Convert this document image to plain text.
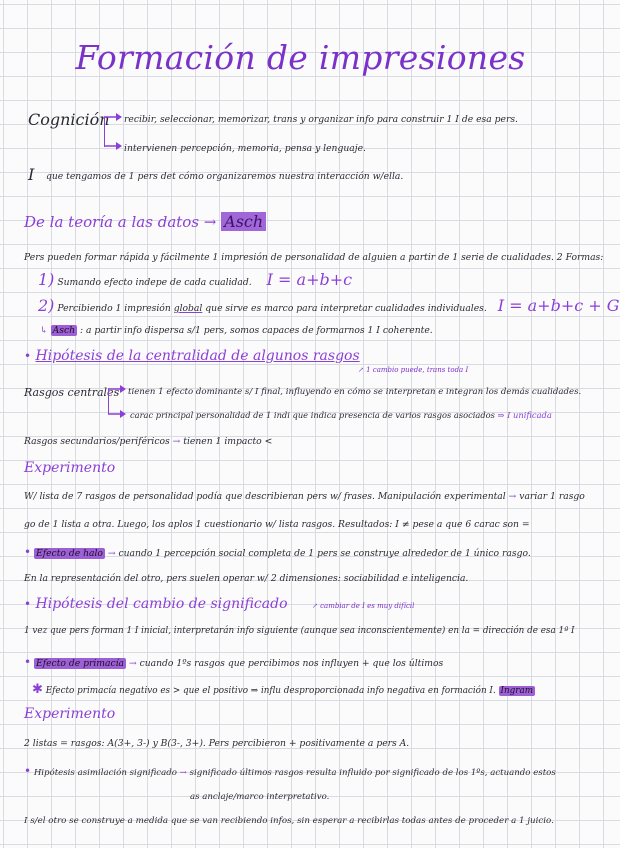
Formación de impresiones
Cognición recibir, seleccionar, memorizar, trans y organizar info para construir 1 I de esa pers.
intervienen percepción, memoria, pensa y lenguaje.
I que tengamos de 1 pers det cómo organizaremos nuestra interacción w/ella.
De la teoría a las datos → Asch
Pers pueden formar rápida y fácilmente 1 impresión de personalidad de alguien a partir de 1 serie de cualidades. 2 Formas:
1) Sumando efecto indepe de cada cualidad. I = a+b+c
2) Percibiendo 1 impresión global que sirve es marco para interpretar cualidades individuales. I = a+b+c + G
↳ Asch : a partir info dispersa s/1 pers, somos capaces de formarnos 1 I coherente.
• Hipótesis de la centralidad de algunos rasgos
↗ 1 cambio puede, trans toda I
Rasgos centrales tienen 1 efecto dominante s/ I final, influyendo en cómo se interpretan e integran los demás cualidades.
carac principal personalidad de 1 indi que indica presencia de varios rasgos asociados ⇒ I unificada
Rasgos secundarios/periféricos → tienen 1 impacto <
Experimento
W/ lista de 7 rasgos de personalidad podía que describieran pers w/ frases. Manipulación experimental → variar 1 rasgo
go de 1 lista a otra. Luego, los aplos 1 cuestionario w/ lista rasgos. Resultados: I ≠ pese a que 6 carac son =
• Efecto de halo → cuando 1 percepción social completa de 1 pers se construye alrededor de 1 único rasgo.
En la representación del otro, pers suelen operar w/ 2 dimensiones: sociabilidad e inteligencia.
• Hipótesis del cambio de significado	↗ cambiar de I es muy difícil
1 vez que pers forman 1 I inicial, interpretarán info siguiente (aunque sea inconscientemente) en la = dirección de esa 1ª I
• Efecto de primacía → cuando 1ºs rasgos que percibimos nos influyen + que los últimos
✱ Efecto primacía negativo es > que el positivo ⇒ influ desproporcionada info negativa en formación I. Ingram
Experimento
2 listas = rasgos: A(3+, 3-) y B(3-, 3+). Pers percibieron + positivamente a pers A.
• Hipótesis asimilación significado → significado últimos rasgos resulta influido por significado de los 1ºs, actuando estos
as anclaje/marco interpretativo.
I s/el otro se construye a medida que se van recibiendo infos, sin esperar a recibirlas todas antes de proceder a 1 juicio.
